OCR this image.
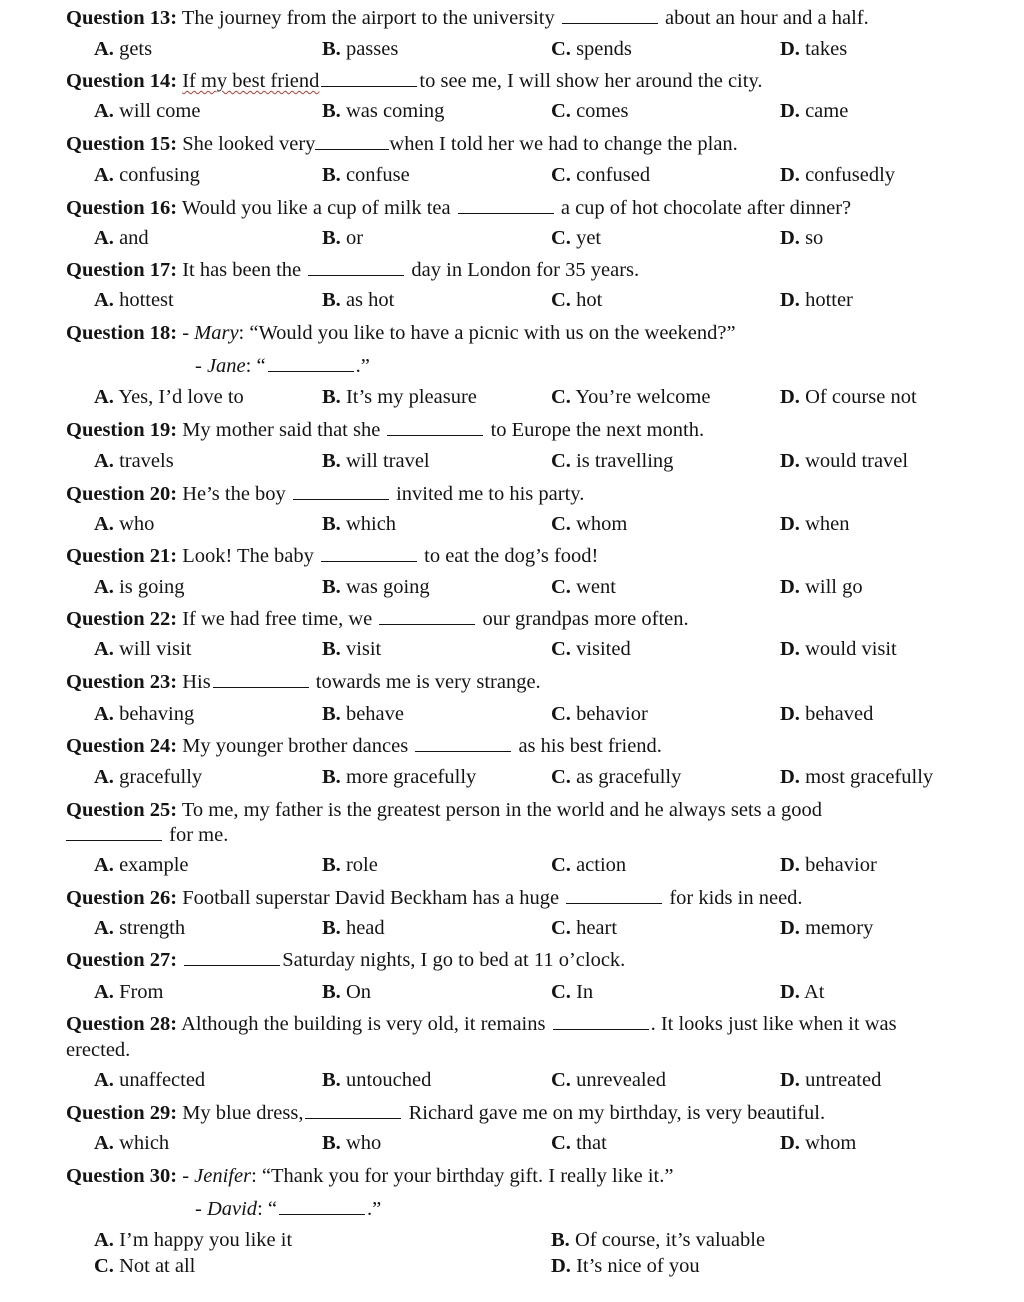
Question 13: The journey from the airport to the university	about an hour and a half.
A. gets	B. passes	C. spends	D. takes
Question 14: If my best friend	to see me, I will show her around the city.
A. will come	B. was coming	C. comes	D. came
Question 15: She looked very	when I told her we had to change the plan.
A. confusing	B. confuse	C. confused	D. confusedly
Question 16: Would you like a cup of milk tea	a cup of hot chocolate after dinner?
A. and	B. or	C. yet	D. so
Question 17: It has been the	day in London for 35 years.
A. hottest	B. as hot	C. hot	D. hotter
Question 18: - Mary: “Would you like to have a picnic with us on the weekend?”
- Jane: “	.”
A. Yes, I’d love to	B. It’s my pleasure	C. You’re welcome	D. Of course not
Question 19: My mother said that she	to Europe the next month.
A. travels	B. will travel	C. is travelling	D. would travel
Question 20: He’s the boy	invited me to his party.
A. who	B. which	C. whom	D. when
Question 21: Look! The baby	to eat the dog’s food!
A. is going	B. was going	C. went	D. will go
Question 22: If we had free time, we	our grandpas more often.
A. will visit	B. visit	C. visited	D. would visit
Question 23: His	towards me is very strange.
A. behaving	B. behave	C. behavior	D. behaved
Question 24: My younger brother dances	as his best friend.
A. gracefully	B. more gracefully	C. as gracefully	D. most gracefully
Question 25: To me, my father is the greatest person in the world and he always sets a good
for me.
A. example	B. role	C. action	D. behavior
Question 26: Football superstar David Beckham has a huge	for kids in need.
A. strength	B. head	C. heart	D. memory
Question 27:	Saturday nights, I go to bed at 11 o’clock.
A. From	B. On	C. In	D. At
Question 28: Although the building is very old, it remains	. It looks just like when it was erected.
A. unaffected	B. untouched	C. unrevealed	D. untreated
Question 29: My blue dress,	Richard gave me on my birthday, is very beautiful.
A. which	B. who	C. that	D. whom
Question 30: - Jenifer: “Thank you for your birthday gift. I really like it.”
- David: “	.”
A. I’m happy you like it	B. Of course, it’s valuable
C. Not at all	D. It’s nice of you
